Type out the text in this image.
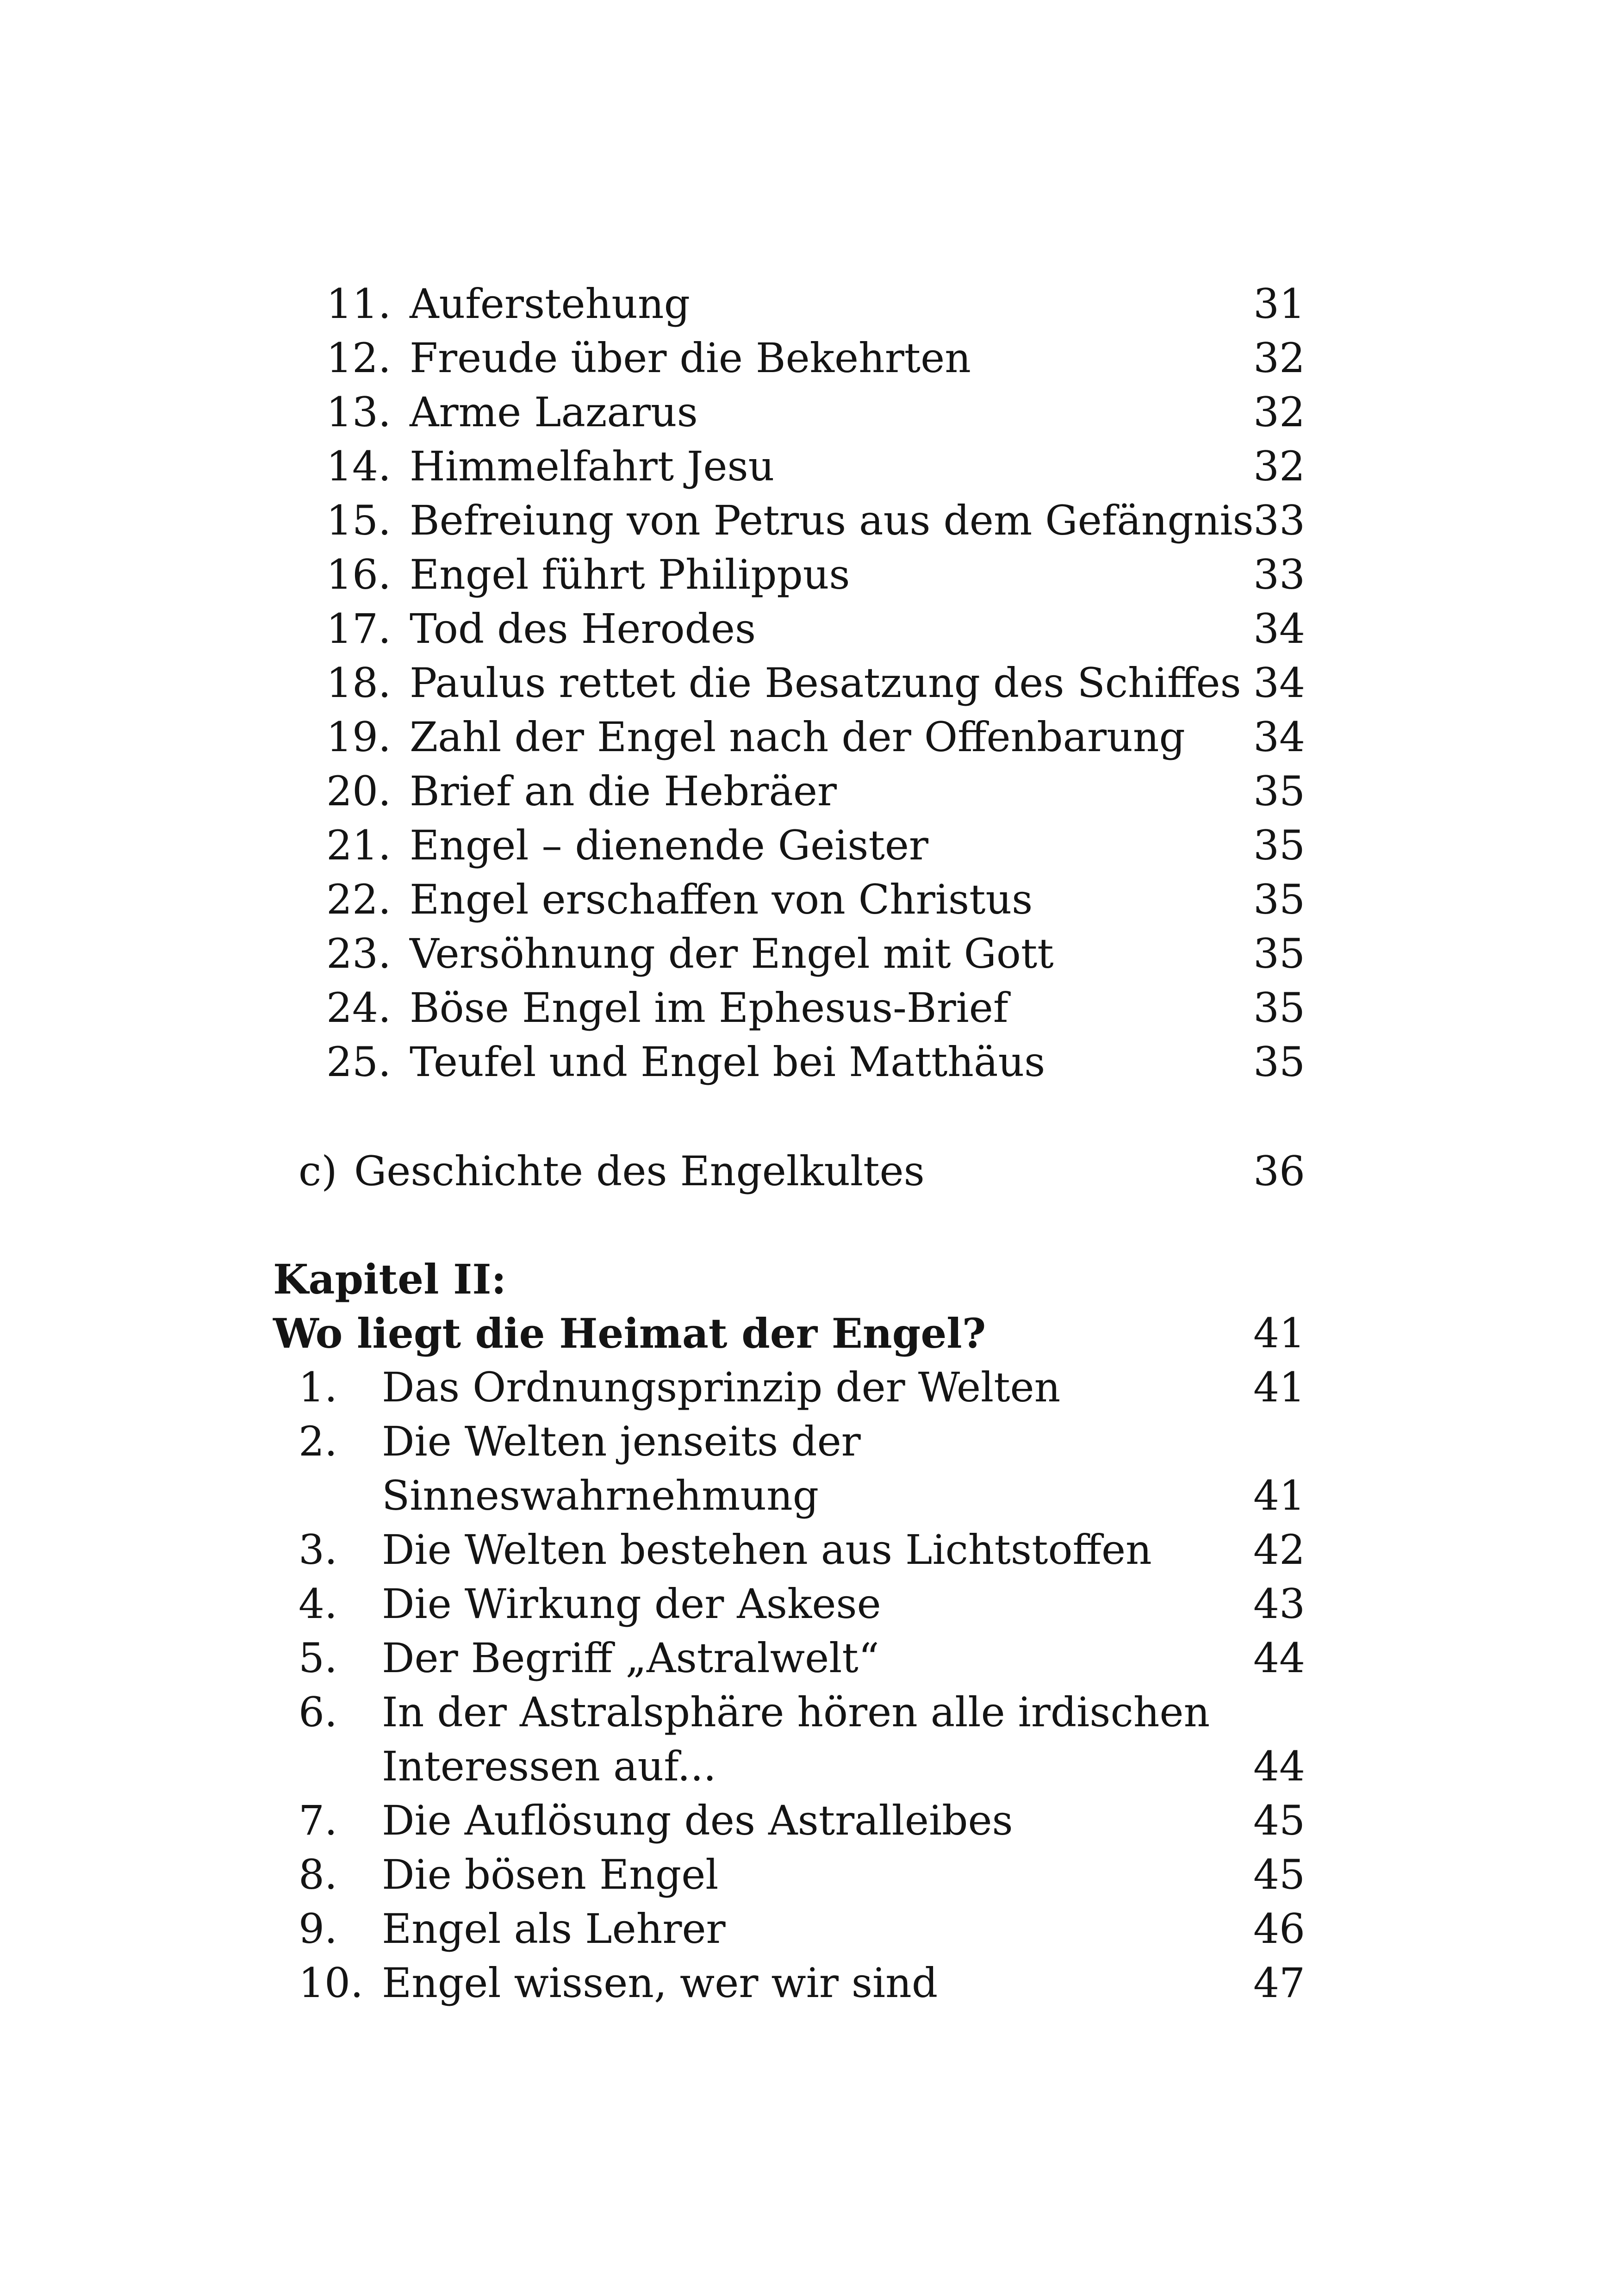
11. Auferstehung	31
12. Freude über die Bekehrten	32
13. Arme Lazarus	32
14. Himmelfahrt Jesu	32
15. Befreiung von Petrus aus dem Gefängnis 33
16. Engel führt Philippus	33
17. Tod des Herodes	34
18. Paulus rettet die Besatzung des Schiffes 34
19. Zahl der Engel nach der Offenbarung 34
20. Brief an die Hebräer	35
21. Engel – dienende Geister	35
22. Engel erschaffen von Christus	35
23. Versöhnung der Engel mit Gott	35
24. Böse Engel im Ephesus-Brief	35
25. Teufel und Engel bei Matthäus	35
c) Geschichte des Engelkultes	36
Kapitel II:
Wo liegt die Heimat der Engel?	41
1. Das Ordnungsprinzip der Welten	41
2. Die Welten jenseits der
Sinneswahrnehmung	41
3. Die Welten bestehen aus Lichtstoffen 42
4. Die Wirkung der Askese	43
5. Der Begriff „Astralwelt“	44
6. In der Astralsphäre hören alle irdischen
Interessen auf...	44
7. Die Auflösung des Astralleibes	45
8. Die bösen Engel	45
9. Engel als Lehrer	46
10. Engel wissen, wer wir sind	47
